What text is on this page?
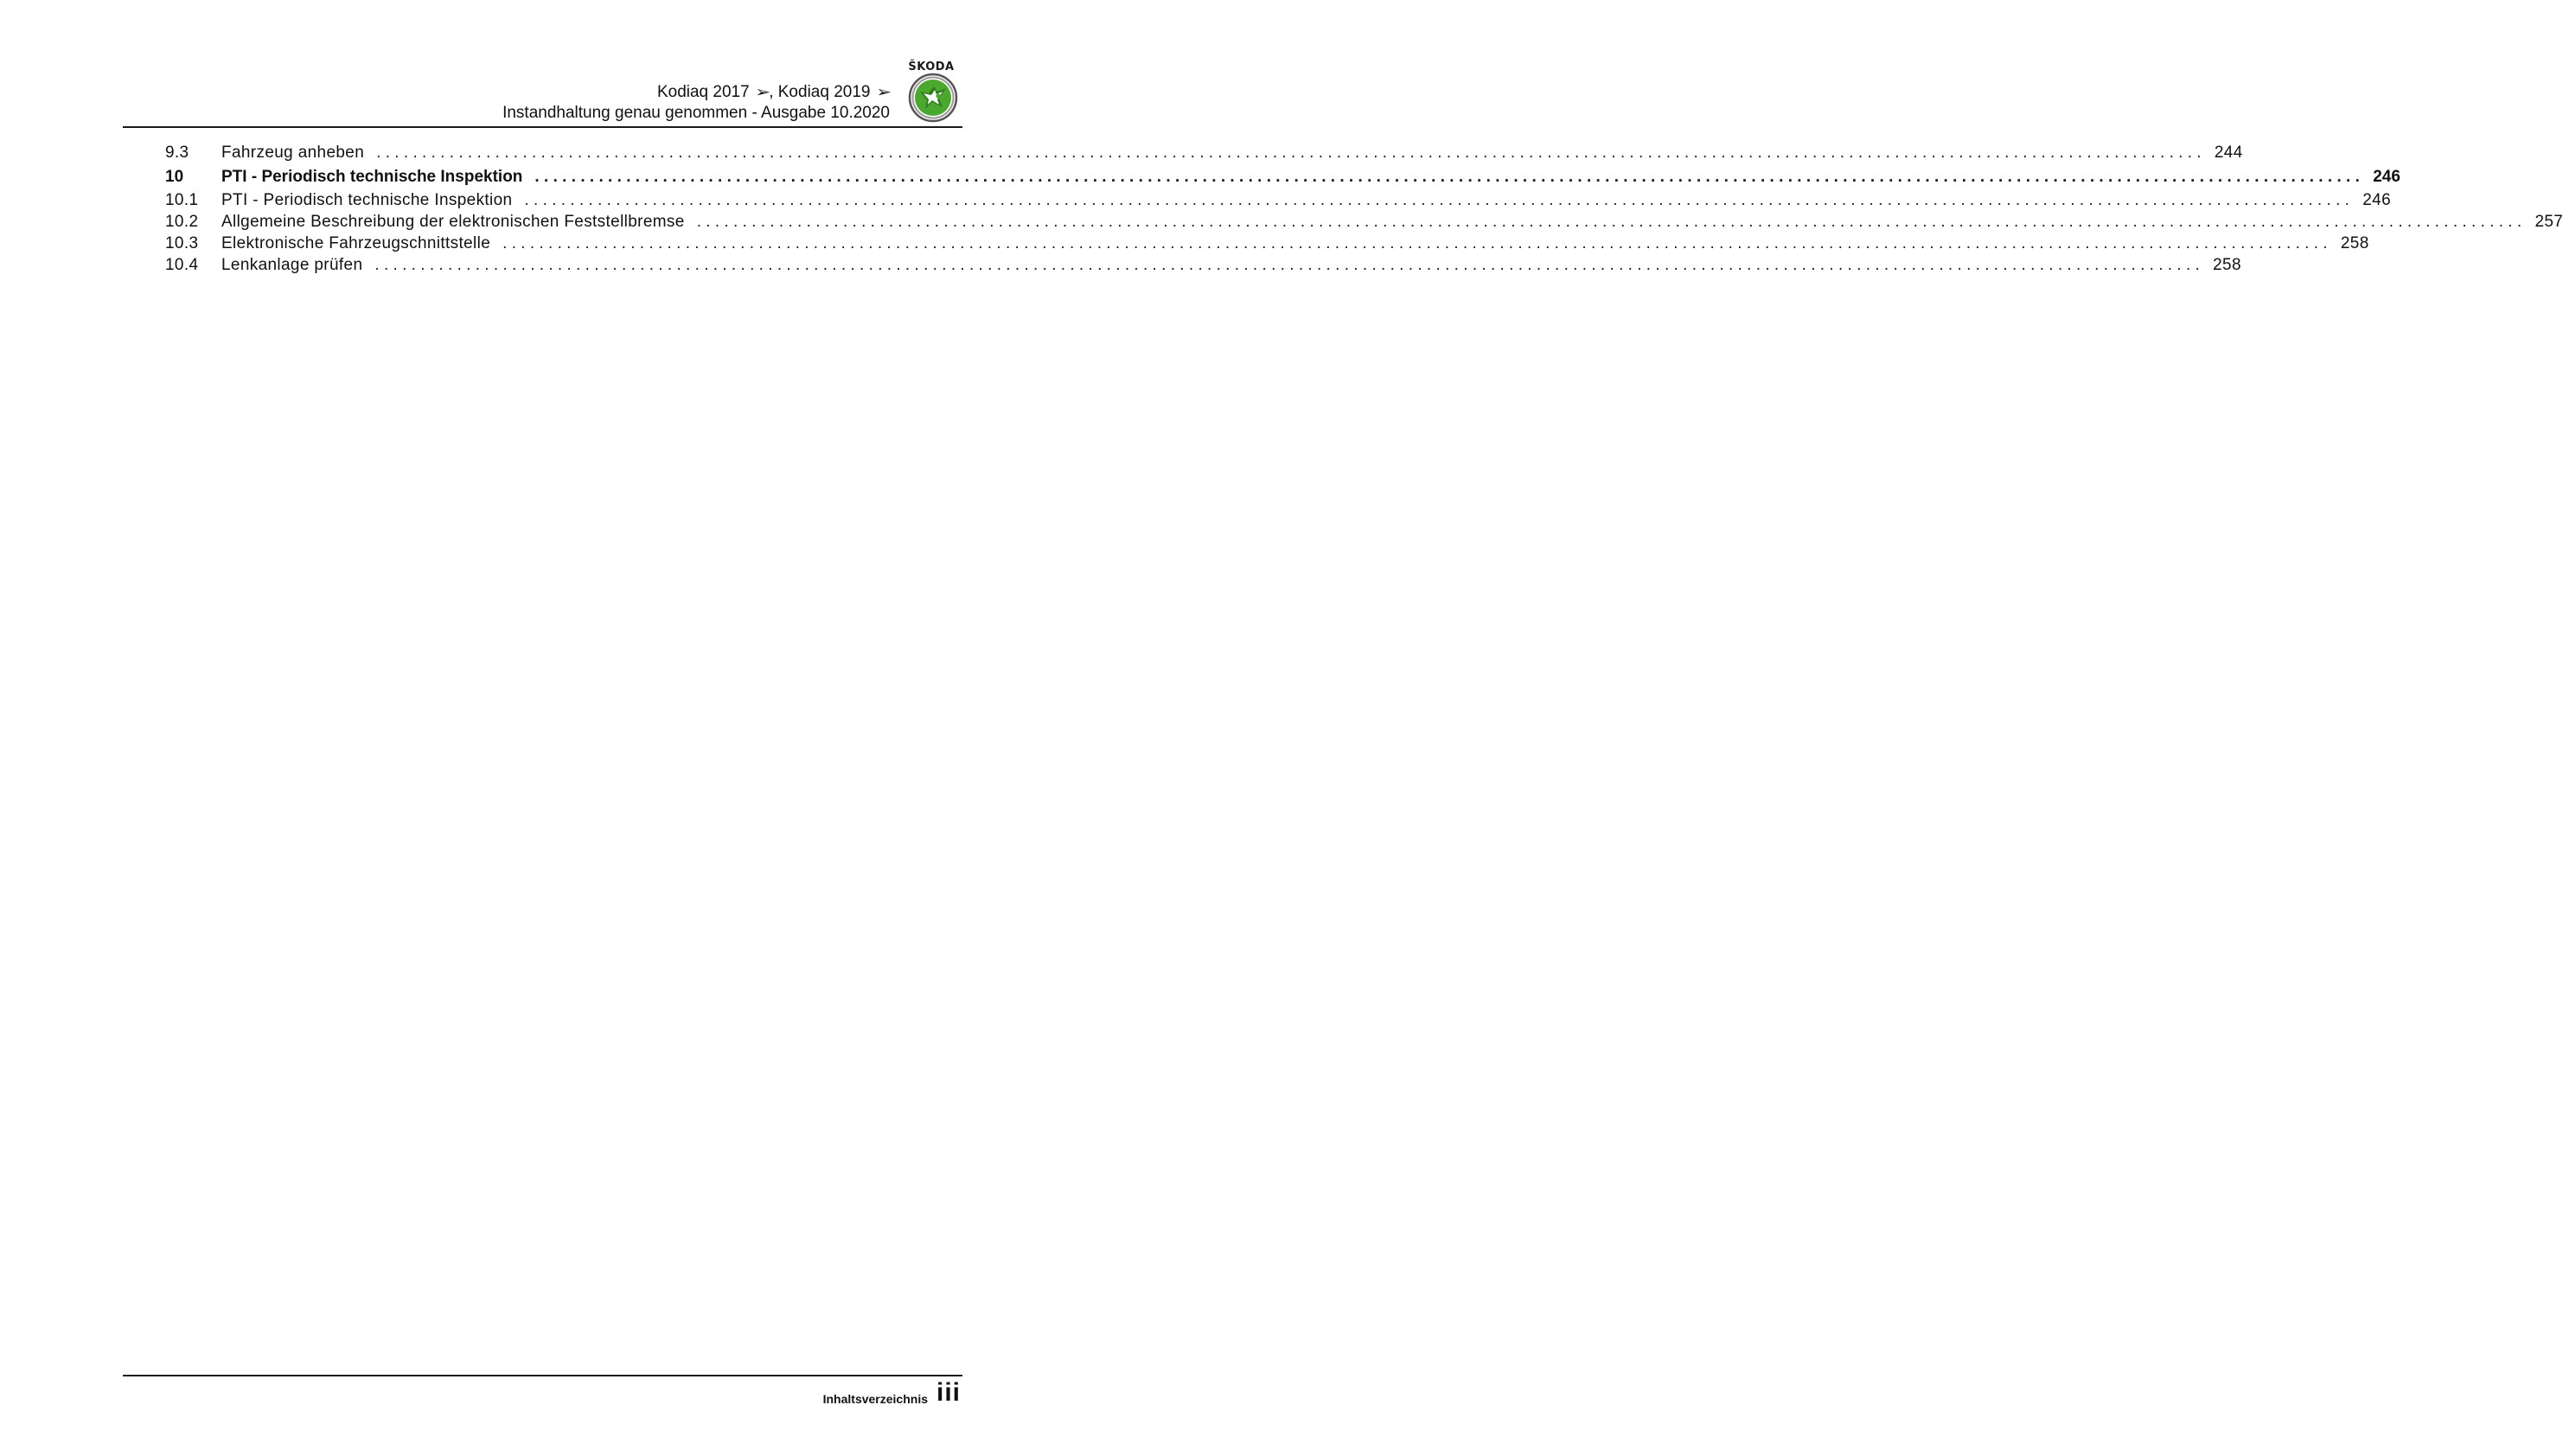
ŠKODA
Kodiaq 2017 ➢, Kodiaq 2019 ➢
Instandhaltung genau genommen - Ausgabe 10.2020
9.3	Fahrzeug anheben ........................................................................................................................................................................................................ 244
10	PTI - Periodisch technische Inspektion ........................................................................................................................................................................................................ 246
10.1	PTI - Periodisch technische Inspektion ........................................................................................................................................................................................................ 246
10.2	Allgemeine Beschreibung der elektronischen Feststellbremse ........................................................................................................................................................................................................ 257
10.3	Elektronische Fahrzeugschnittstelle ........................................................................................................................................................................................................ 258
10.4	Lenkanlage prüfen ........................................................................................................................................................................................................ 258
Inhaltsverzeichnis iii
